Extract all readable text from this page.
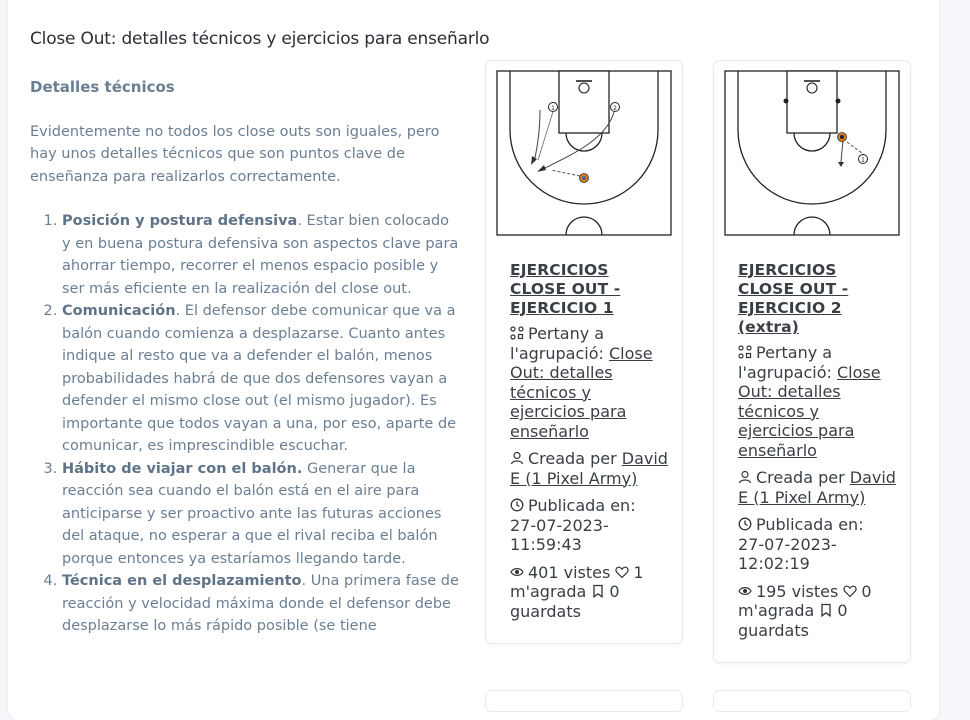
Close Out: detalles técnicos y ejercicios para enseñarlo
Detalles técnicos

Evidentemente no todos los close outs son iguales, pero hay unos detalles técnicos que son puntos clave de enseñanza para realizarlos correctamente.

1. Posición y postura defensiva. Estar bien colocado y en buena postura defensiva son aspectos clave para ahorrar tiempo, recorrer el menos espacio posible y ser más eficiente en la realización del close out.
2. Comunicación. El defensor debe comunicar que va a balón cuando comienza a desplazarse. Cuanto antes indique al resto que va a defender el balón, menos probabilidades habrá de que dos defensores vayan a defender el mismo close out (el mismo jugador). Es importante que todos vayan a una, por eso, aparte de comunicar, es imprescindible escuchar.
3. Hábito de viajar con el balón. Generar que la reacción sea cuando el balón está en el aire para anticiparse y ser proactivo ante las futuras acciones del ataque, no esperar a que el rival reciba el balón porque entonces ya estaríamos llegando tarde.
4. Técnica en el desplazamiento. Una primera fase de reacción y velocidad máxima donde el defensor debe desplazarse lo más rápido posible (se tiene
1	2
EJERCICIOS CLOSE OUT - EJERCICIO 1
Pertany a l'agrupació: Close Out: detalles técnicos y ejercicios para enseñarlo
Creada per David E (1 Pixel Army)
Publicada en:
27-07-2023-11:59:43
401 vistes 1 m'agrada 0 guardats
1
EJERCICIOS CLOSE OUT - EJERCICIO 2 (extra)
Pertany a l'agrupació: Close Out: detalles técnicos y ejercicios para enseñarlo
Creada per David E (1 Pixel Army)
Publicada en:
27-07-2023-12:02:19
195 vistes 0 m'agrada 0 guardats
